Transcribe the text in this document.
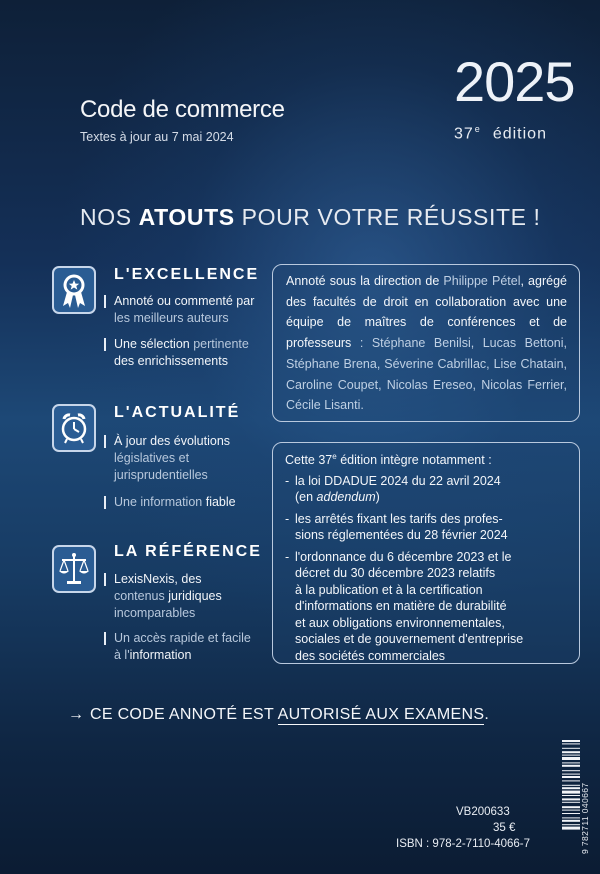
Code de commerce
Textes à jour au 7 mai 2024
2025
37e édition
NOS ATOUTS POUR VOTRE RÉUSSITE !
L'EXCELLENCE
Annoté ou commenté par
les meilleurs auteurs
Une sélection pertinente
des enrichissements
L'ACTUALITÉ
À jour des évolutions
législatives et
jurisprudentielles
Une information fiable
LA RÉFÉRENCE
LexisNexis, des
contenus juridiques
incomparables
Un accès rapide et facile
à l'information
Annoté sous la direction de Philippe Pétel, agrégé des facultés de droit en collaboration avec une équipe de maîtres de conférences et de professeurs : Stéphane Benilsi, Lucas Bettoni, Stéphane Brena, Séverine Cabrillac, Lise Chatain, Caroline Coupet, Nicolas Ereseo, Nicolas Ferrier, Cécile Lisanti.
Cette 37e édition intègre notamment :
- la loi DDADUE 2024 du 22 avril 2024
(en addendum)
- les arrêtés fixant les tarifs des profes-
sions réglementées du 28 février 2024
- l'ordonnance du 6 décembre 2023 et le
décret du 30 décembre 2023 relatifs
à la publication et à la certification
d'informations en matière de durabilité
et aux obligations environnementales,
sociales et de gouvernement d'entreprise
des sociétés commerciales
→ CE CODE ANNOTÉ EST AUTORISÉ AUX EXAMENS.
VB200633
35 €
ISBN : 978-2-7110-4066-7	9 782711 040667
